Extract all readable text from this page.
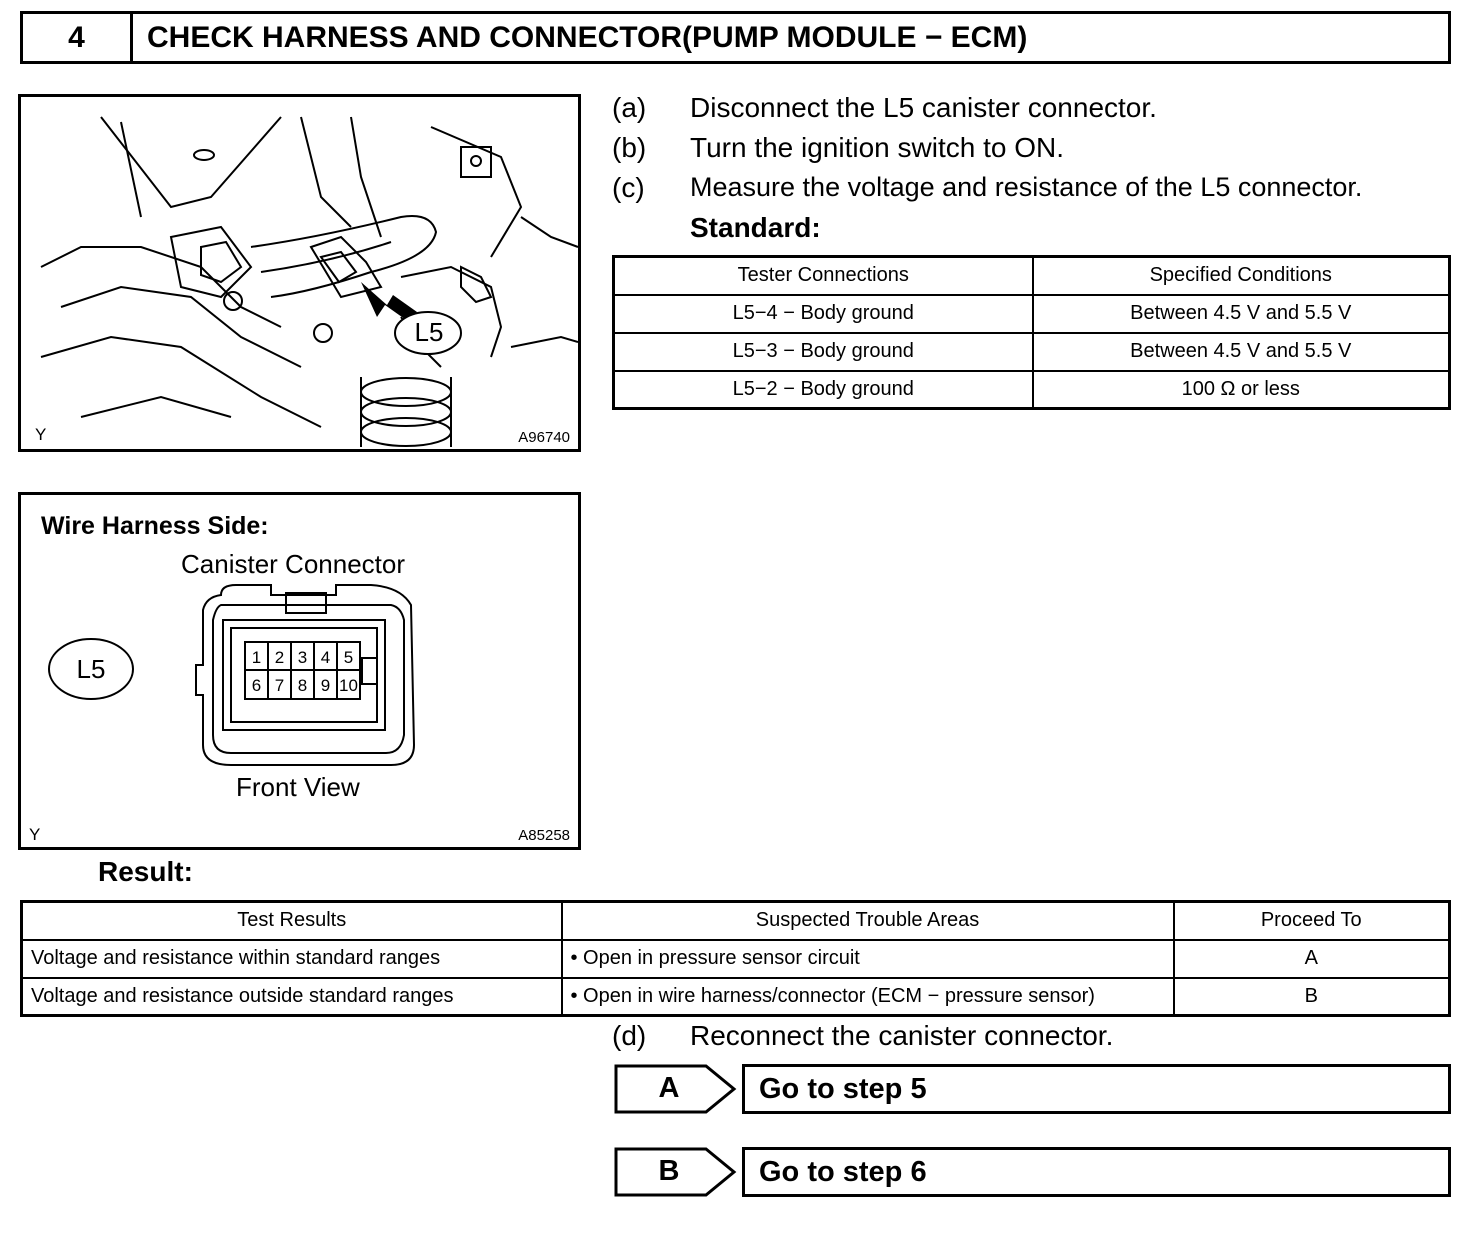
4	CHECK HARNESS AND CONNECTOR(PUMP MODULE − ECM)
L5
Y	A96740
Wire Harness Side:
Canister Connector
L5	1 2 3 4 5
6 7 8 9 10
Front View
Y	A85258
(a) Disconnect the L5 canister connector.
(b) Turn the ignition switch to ON.
(c) Measure the voltage and resistance of the L5 connector.
Standard:
Tester Connections	Specified Conditions
L5−4 − Body ground	Between 4.5 V and 5.5 V
L5−3 − Body ground	Between 4.5 V and 5.5 V
L5−2 − Body ground	100 Ω or less
Result:
Test Results	Suspected Trouble Areas	Proceed To
Voltage and resistance within standard ranges	• Open in pressure sensor circuit	A
Voltage and resistance outside standard ranges	• Open in wire harness/connector (ECM − pressure sensor)	B
(d) Reconnect the canister connector.
A	Go to step 5
B	Go to step 6
